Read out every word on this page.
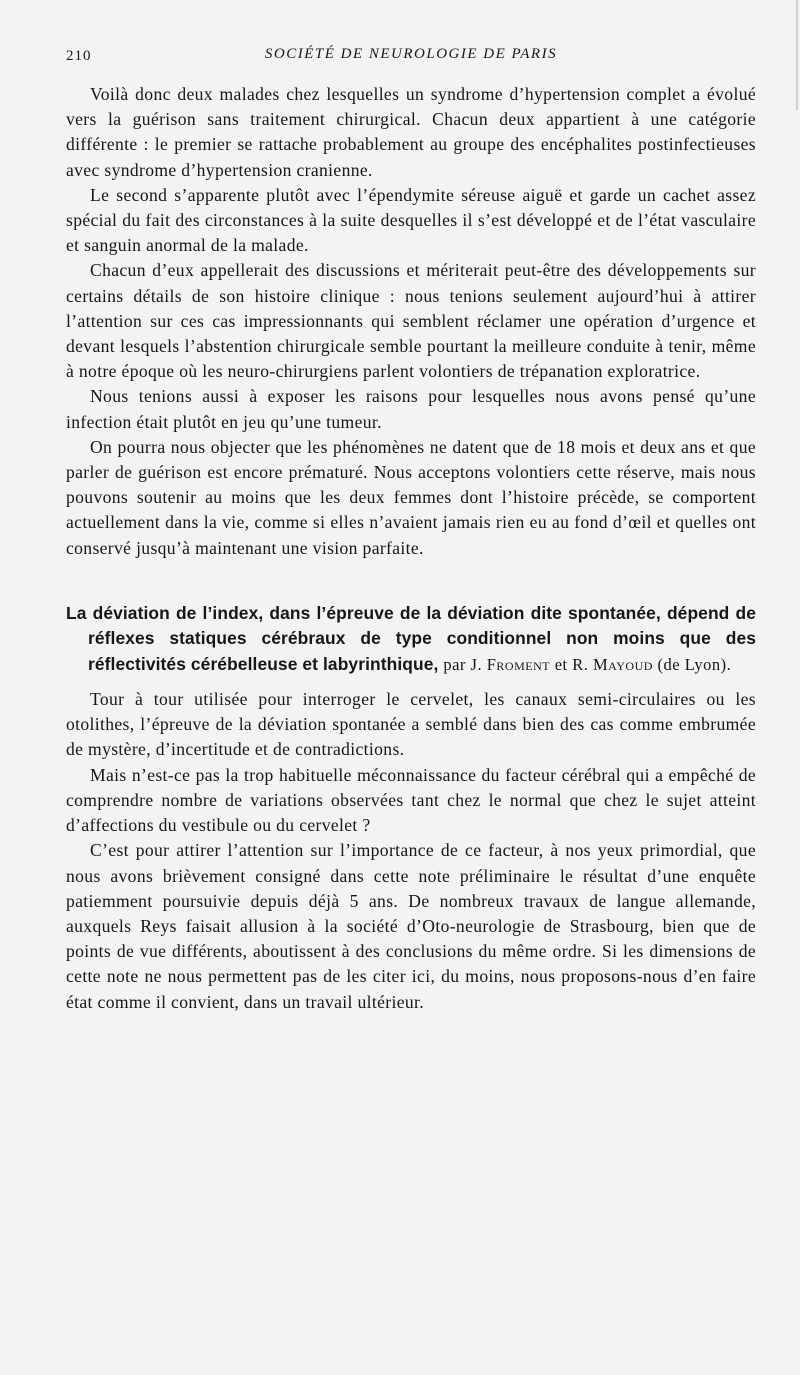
210	SOCIÉTÉ DE NEUROLOGIE DE PARIS

Voilà donc deux malades chez lesquelles un syndrome d’hypertension complet a évolué vers la guérison sans traitement chirurgical. Chacun deux appartient à une catégorie différente : le premier se rattache probablement au groupe des encéphalites postinfectieuses avec syndrome d’hypertension cranienne.

Le second s’apparente plutôt avec l’épendymite séreuse aiguë et garde un cachet assez spécial du fait des circonstances à la suite desquelles il s’est développé et de l’état vasculaire et sanguin anormal de la malade.

Chacun d’eux appellerait des discussions et mériterait peut-être des développements sur certains détails de son histoire clinique : nous tenions seulement aujourd’hui à attirer l’attention sur ces cas impressionnants qui semblent réclamer une opération d’urgence et devant lesquels l’abstention chirurgicale semble pourtant la meilleure conduite à tenir, même à notre époque où les neuro-chirurgiens parlent volontiers de trépanation exploratrice.

Nous tenions aussi à exposer les raisons pour lesquelles nous avons pensé qu’une infection était plutôt en jeu qu’une tumeur.

On pourra nous objecter que les phénomènes ne datent que de 18 mois et deux ans et que parler de guérison est encore prématuré. Nous acceptons volontiers cette réserve, mais nous pouvons soutenir au moins que les deux femmes dont l’histoire précède, se comportent actuellement dans la vie, comme si elles n’avaient jamais rien eu au fond d’œil et quelles ont conservé jusqu’à maintenant une vision parfaite.

La déviation de l’index, dans l’épreuve de la déviation dite spontanée, dépend de réflexes statiques cérébraux de type conditionnel non moins que des réflectivités cérébelleuse et labyrinthique, par J. Froment et R. Mayoud (de Lyon).

Tour à tour utilisée pour interroger le cervelet, les canaux semi-circulaires ou les otolithes, l’épreuve de la déviation spontanée a semblé dans bien des cas comme embrumée de mystère, d’incertitude et de contradictions.

Mais n’est-ce pas la trop habituelle méconnaissance du facteur cérébral qui a empêché de comprendre nombre de variations observées tant chez le normal que chez le sujet atteint d’affections du vestibule ou du cervelet ?

C’est pour attirer l’attention sur l’importance de ce facteur, à nos yeux primordial, que nous avons brièvement consigné dans cette note préliminaire le résultat d’une enquête patiemment poursuivie depuis déjà 5 ans. De nombreux travaux de langue allemande, auxquels Reys faisait allusion à la société d’Oto-neurologie de Strasbourg, bien que de points de vue différents, aboutissent à des conclusions du même ordre. Si les dimensions de cette note ne nous permettent pas de les citer ici, du moins, nous proposons-nous d’en faire état comme il convient, dans un travail ultérieur.
